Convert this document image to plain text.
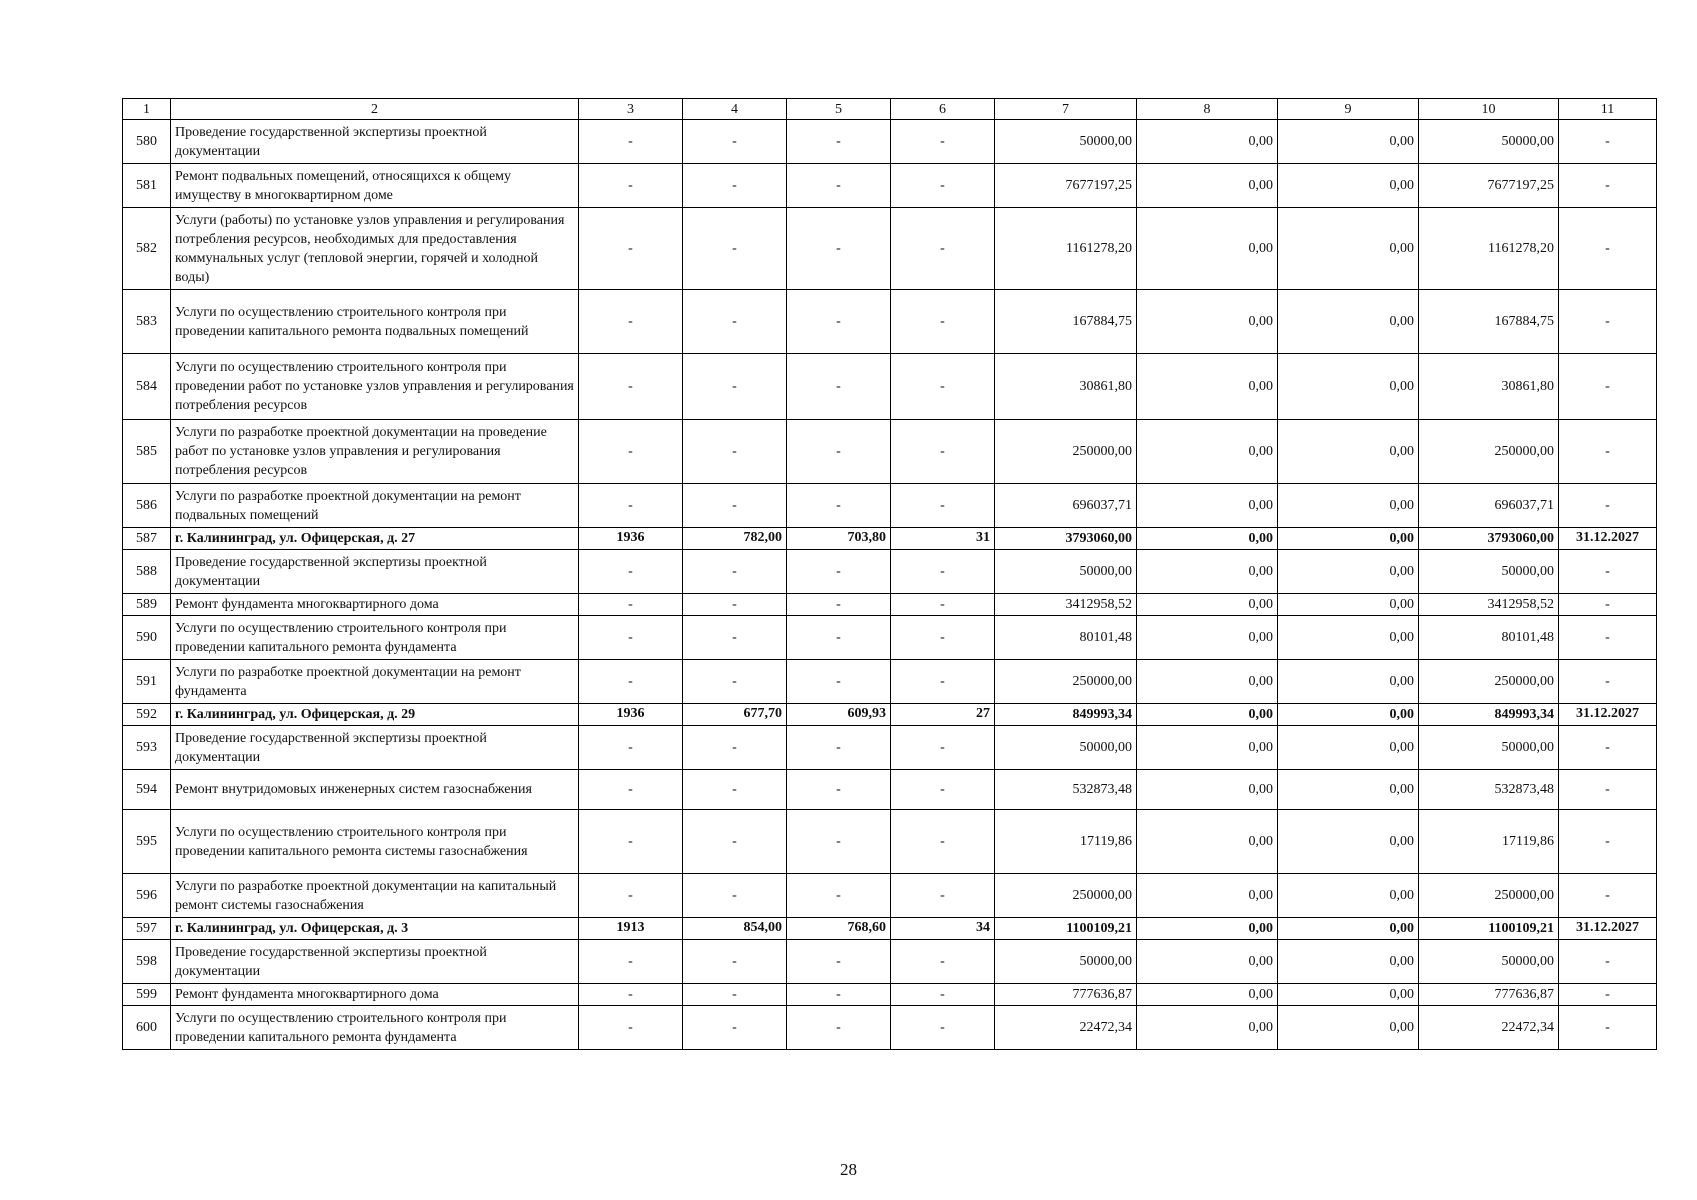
1	2	3	4	5	6	7	8	9	10	11
580	Проведение государственной экспертизы проектной документации	-	-	-	-	50000,00	0,00	0,00	50000,00	-
581	Ремонт подвальных помещений, относящихся к общему имуществу в многоквартирном доме	-	-	-	-	7677197,25	0,00	0,00	7677197,25	-
582	Услуги (работы) по установке узлов управления и регулирования потребления ресурсов, необходимых для предоставления коммунальных услуг (тепловой энергии, горячей и холодной воды)	-	-	-	-	1161278,20	0,00	0,00	1161278,20	-
583	Услуги по осуществлению строительного контроля при проведении капитального ремонта подвальных помещений	-	-	-	-	167884,75	0,00	0,00	167884,75	-
584	Услуги по осуществлению строительного контроля при проведении работ по установке узлов управления и регулирования потребления ресурсов	-	-	-	-	30861,80	0,00	0,00	30861,80	-
585	Услуги по разработке проектной документации на проведение работ по установке узлов управления и регулирования потребления ресурсов	-	-	-	-	250000,00	0,00	0,00	250000,00	-
586	Услуги по разработке проектной документации на ремонт подвальных помещений	-	-	-	-	696037,71	0,00	0,00	696037,71	-
587	г. Калининград, ул. Офицерская, д. 27	1936	782,00	703,80	31	3793060,00	0,00	0,00	3793060,00	31.12.2027
588	Проведение государственной экспертизы проектной документации	-	-	-	-	50000,00	0,00	0,00	50000,00	-
589	Ремонт фундамента многоквартирного дома	-	-	-	-	3412958,52	0,00	0,00	3412958,52	-
590	Услуги по осуществлению строительного контроля при проведении капитального ремонта фундамента	-	-	-	-	80101,48	0,00	0,00	80101,48	-
591	Услуги по разработке проектной документации на ремонт фундамента	-	-	-	-	250000,00	0,00	0,00	250000,00	-
592	г. Калининград, ул. Офицерская, д. 29	1936	677,70	609,93	27	849993,34	0,00	0,00	849993,34	31.12.2027
593	Проведение государственной экспертизы проектной документации	-	-	-	-	50000,00	0,00	0,00	50000,00	-
594	Ремонт внутридомовых инженерных систем газоснабжения	-	-	-	-	532873,48	0,00	0,00	532873,48	-
595	Услуги по осуществлению строительного контроля при проведении капитального ремонта системы газоснабжения	-	-	-	-	17119,86	0,00	0,00	17119,86	-
596	Услуги по разработке проектной документации на капитальный ремонт системы газоснабжения	-	-	-	-	250000,00	0,00	0,00	250000,00	-
597	г. Калининград, ул. Офицерская, д. 3	1913	854,00	768,60	34	1100109,21	0,00	0,00	1100109,21	31.12.2027
598	Проведение государственной экспертизы проектной документации	-	-	-	-	50000,00	0,00	0,00	50000,00	-
599	Ремонт фундамента многоквартирного дома	-	-	-	-	777636,87	0,00	0,00	777636,87	-
600	Услуги по осуществлению строительного контроля при проведении капитального ремонта фундамента	-	-	-	-	22472,34	0,00	0,00	22472,34	-
28
